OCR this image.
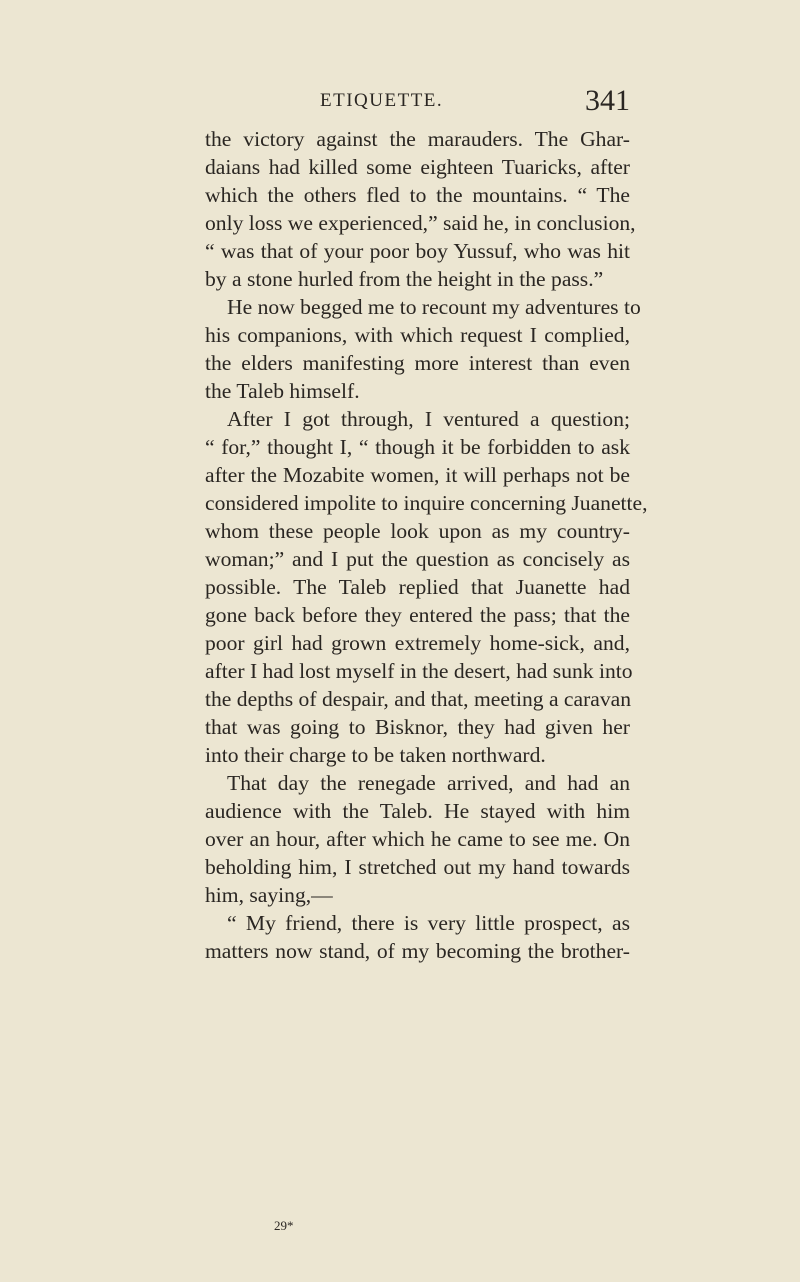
ETIQUETTE.	341
the victory against the marauders. The Ghar-
daians had killed some eighteen Tuaricks, after
which the others fled to the mountains. “ The
only loss we experienced,” said he, in conclusion,
“ was that of your poor boy Yussuf, who was hit
by a stone hurled from the height in the pass.”
He now begged me to recount my adventures to
his companions, with which request I complied,
the elders manifesting more interest than even
the Taleb himself.
After I got through, I ventured a question;
“ for,” thought I, “ though it be forbidden to ask
after the Mozabite women, it will perhaps not be
considered impolite to inquire concerning Juanette,
whom these people look upon as my country-
woman;” and I put the question as concisely as
possible. The Taleb replied that Juanette had
gone back before they entered the pass; that the
poor girl had grown extremely home-sick, and,
after I had lost myself in the desert, had sunk into
the depths of despair, and that, meeting a caravan
that was going to Bisknor, they had given her
into their charge to be taken northward.
That day the renegade arrived, and had an
audience with the Taleb. He stayed with him
over an hour, after which he came to see me. On
beholding him, I stretched out my hand towards
him, saying,—
“ My friend, there is very little prospect, as
matters now stand, of my becoming the brother-
29*
